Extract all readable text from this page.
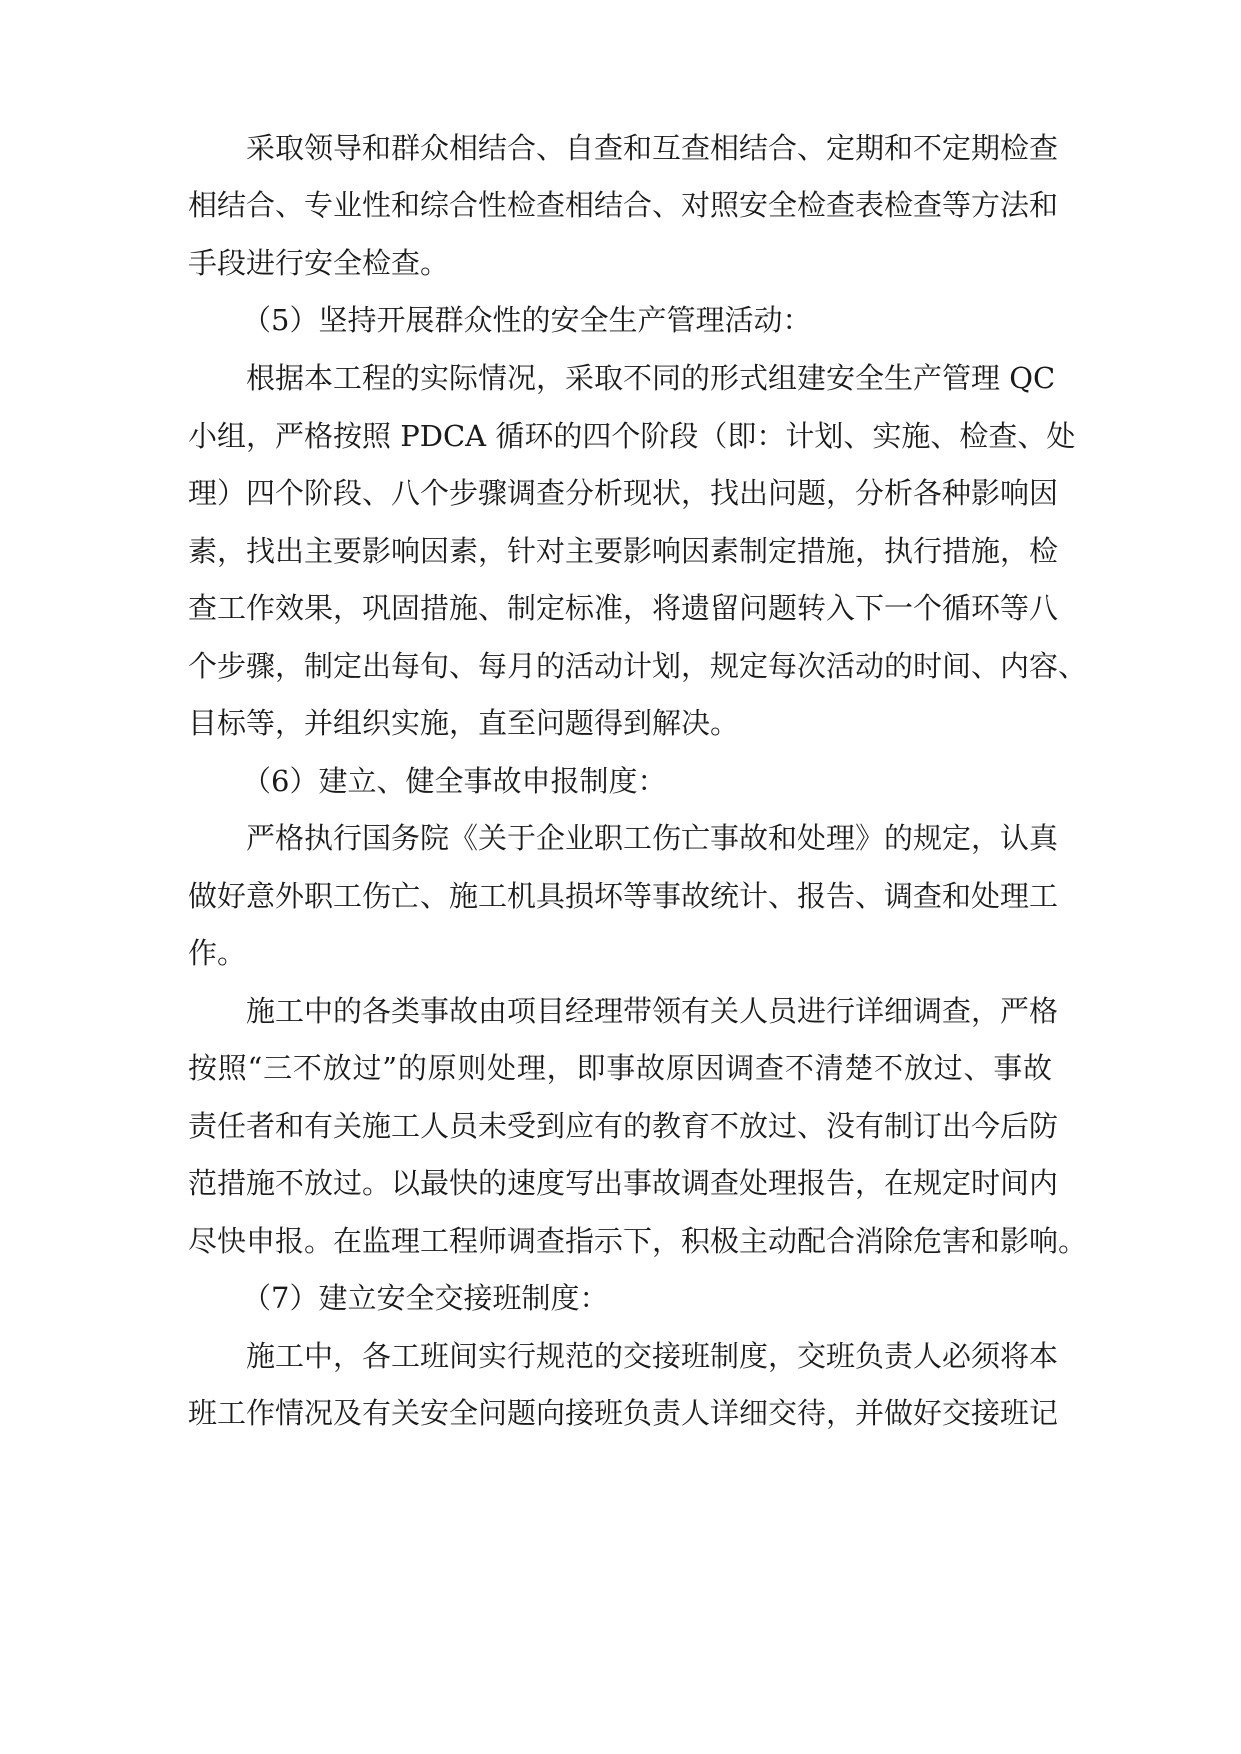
采取领导和群众相结合、自查和互查相结合、定期和不定期检查

相结合、专业性和综合性检查相结合、对照安全检查表检查等方法和

手段进行安全检查。

（5）坚持开展群众性的安全生产管理活动：

根据本工程的实际情况，采取不同的形式组建安全生产管理 QC

小组，严格按照 PDCA 循环的四个阶段（即：计划、实施、检查、处

理）四个阶段、八个步骤调查分析现状，找出问题，分析各种影响因

素，找出主要影响因素，针对主要影响因素制定措施，执行措施，检

查工作效果，巩固措施、制定标准，将遗留问题转入下一个循环等八

个步骤，制定出每旬、每月的活动计划，规定每次活动的时间、内容、

目标等，并组织实施，直至问题得到解决。

（6）建立、健全事故申报制度：

严格执行国务院《关于企业职工伤亡事故和处理》的规定，认真

做好意外职工伤亡、施工机具损坏等事故统计、报告、调查和处理工

作。

施工中的各类事故由项目经理带领有关人员进行详细调查，严格

按照“三不放过”的原则处理，即事故原因调查不清楚不放过、事故

责任者和有关施工人员未受到应有的教育不放过、没有制订出今后防

范措施不放过。以最快的速度写出事故调查处理报告，在规定时间内

尽快申报。在监理工程师调查指示下，积极主动配合消除危害和影响。

（7）建立安全交接班制度：

施工中，各工班间实行规范的交接班制度，交班负责人必须将本

班工作情况及有关安全问题向接班负责人详细交待，并做好交接班记
